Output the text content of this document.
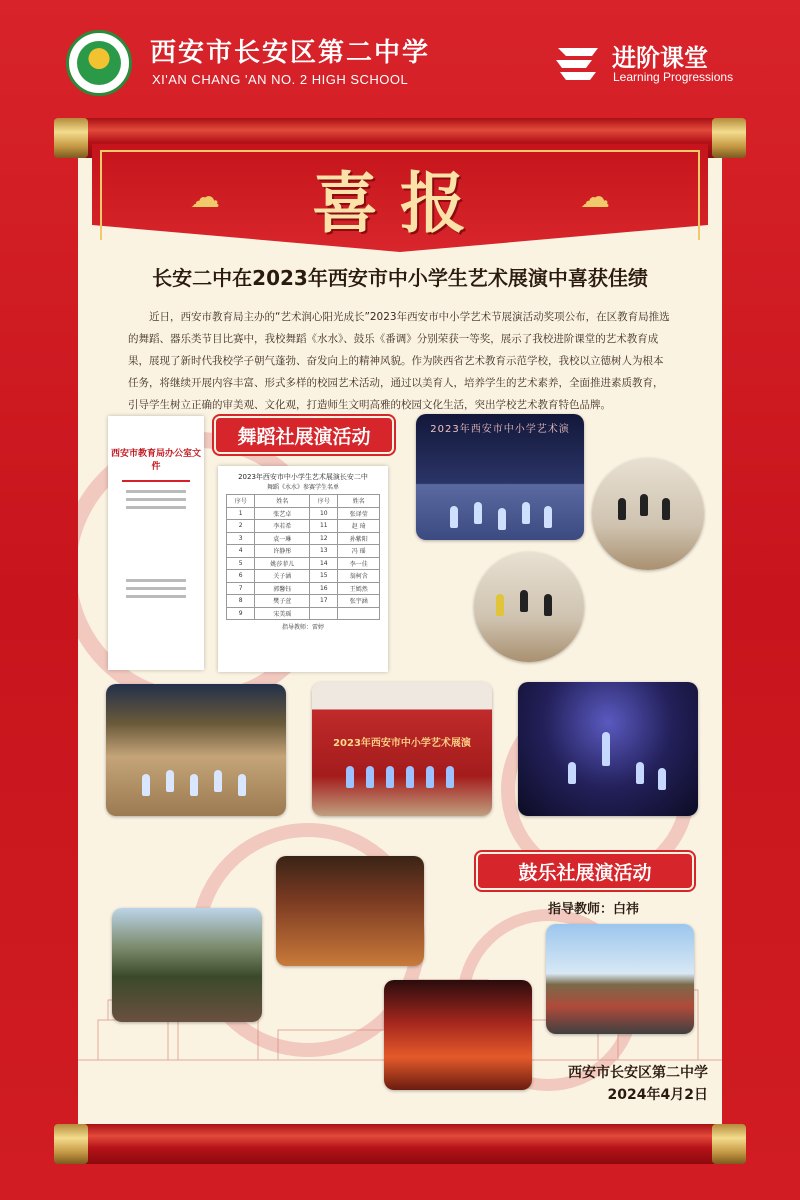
西安市长安区第二中学
XI'AN CHANG 'AN NO. 2 HIGH SCHOOL
进阶课堂
Learning Progressions
☁	☁
喜报
长安二中在2023年西安市中小学生艺术展演中喜获佳绩
近日，西安市教育局主办的“艺术润心阳光成长”2023年西安市中小学艺术节展演活动奖项公布，在区教育局推选的舞蹈、器乐类节目比赛中，我校舞蹈《水水》、鼓乐《番调》分别荣获一等奖，展示了我校进阶课堂的艺术教育成果，展现了新时代我校学子朝气蓬勃、奋发向上的精神风貌。作为陕西省艺术教育示范学校，我校以立德树人为根本任务，将继续开展内容丰富、形式多样的校园艺术活动，通过以美育人，培养学生的艺术素养，全面推进素质教育，引导学生树立正确的审美观、文化观，打造师生文明高雅的校园文化生活，突出学校艺术教育特色品牌。
西安市教育局办公室文件
舞蹈社展演活动
2023年西安市中小学生艺术展演长安二中
舞蹈《水水》参赛学生名单
序号	姓名	序号	姓名
1	张艺卓	10	张译莹
2	李若希	11	赵 琦
3	袁一琳	12	孙紫阳
4	许静彤	13	冯 瑶
5	姚莎菲儿	14	李一佳
6	关子涵	15	翁柯含
7	郭馨钰	16	王嫣然
8	樊子萱	17	张宇涵
9	宋美瑶		
指导教师：雷婷
2023年西安市中小学艺术演
2023年西安市中小学艺术展演
鼓乐社展演活动
指导教师：白祎
西安市长安区第二中学
2024年4月2日
